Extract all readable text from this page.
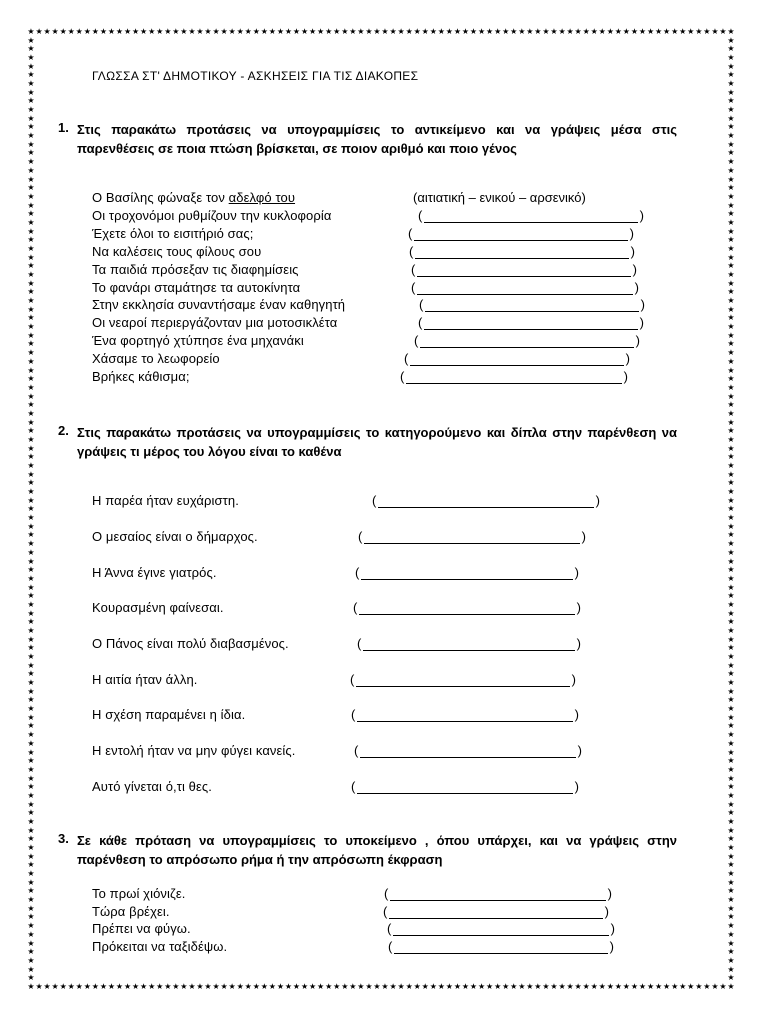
★
★
★
★
★
★
★
★
★
★
★
★
★
★
★
★
★
★
★
★
★
★
★
★
★
★
★
★
★
★
★
★
★
★
★
★
★
★
★
★
★
★
★
★
★
★
★
★
★
★
★
★
★
★
★
★
★
★
★
★
★
★
★
★
★
★
★
★
★
★
★
★
★
★
★
★
★
★
★
★
★
★
★
★
★
★
★
★
★
★
★
★
★
★
★
★
★
★
★
★
★
★
★
★
★
★
★
★
★
★
★
★
★
★
★
★
★
★
★
★
★
★
★
★
★
★
★
★
★
★
★
★
★
★
★
★
★
★
★
★
★
★
★
★
★
★
★
★
★
★
★
★
★
★
★
★
★
★
★
★
★
★
★
★
★
★
★
★
★
★
★
★
★
★
★
★
★	★
★	★
★	★
★	★
★	★
★	★
★	★
★	★
★	★
★	★
★	★
★	★
★	★
★	★
★	★
★	★
★	★
★	★
★	★
★	★
★	★
★	★
★	★
★	★
★	★
★	★
★	★
★	★
★	★
★	★
★	★
★	★
★	★
★	★
★	★
★	★
★	★
★	★
★	★
★	★
★	★
★	★
★	★
★	★
★	★
★	★
★	★
★	★
★	★
★	★
★	★
★	★
★	★
★	★
★	★
★	★
★	★
★	★
★	★
★	★
★	★
★	★
★	★
★	★
★	★
★	★
★	★
★	★
★	★
★	★
★	★
★	★
★	★
★	★
★	★
★	★
★	★
★	★
★	★
★	★
★	★
★	★
★	★
★	★
★	★
★	★
★	★
★	★
★	★
★	★
★	★
★	★
★	★
★	★
★	★
★	★
★	★
★	★
★	★
★	★
★	★
★	★
★	★
★	★
★	★
★	★
★	★
★	★
★	★
ΓΛΩΣΣΑ ΣΤ' ΔΗΜΟΤΙΚΟΥ - ΑΣΚΗΣΕΙΣ ΓΙΑ ΤΙΣ ΔΙΑΚΟΠΕΣ
1. Στις παρακάτω προτάσεις να υπογραμμίσεις το αντικείμενο και να γράψεις μέσα στις παρενθέσεις σε ποια πτώση βρίσκεται, σε ποιον αριθμό και ποιο γένος
Ο Βασίλης φώναξε τον αδελφό του	(αιτιατική – ενικού – αρσενικό)
Οι τροχονόμοι ρυθμίζουν την κυκλοφορία	(	)
Έχετε όλοι το εισιτήριό σας;	(	)
Να καλέσεις τους φίλους σου	(	)
Τα παιδιά πρόσεξαν τις διαφημίσεις	(	)
Το φανάρι σταμάτησε τα αυτοκίνητα	(	)
Στην εκκλησία συναντήσαμε έναν καθηγητή	(	)
Οι νεαροί περιεργάζονταν μια μοτοσικλέτα	(	)
Ένα φορτηγό χτύπησε ένα μηχανάκι	(	)
Χάσαμε το λεωφορείο	(	)
Βρήκες κάθισμα;	(	)
2. Στις παρακάτω προτάσεις να υπογραμμίσεις το κατηγορούμενο και δίπλα στην παρένθεση να γράψεις τι μέρος του λόγου είναι το καθένα
Η παρέα ήταν ευχάριστη.	(	)
Ο μεσαίος είναι ο δήμαρχος.	(	)
Η Άννα έγινε γιατρός.	(	)
Κουρασμένη φαίνεσαι.	(	)
Ο Πάνος είναι πολύ διαβασμένος.	(	)
Η αιτία ήταν άλλη.	(	)
Η σχέση παραμένει η ίδια.	(	)
Η εντολή ήταν να μην φύγει κανείς.	(	)
Αυτό γίνεται ό,τι θες.	(	)
3. Σε κάθε πρόταση να υπογραμμίσεις το υποκείμενο , όπου υπάρχει, και να γράψεις στην παρένθεση το απρόσωπο ρήμα ή την απρόσωπη έκφραση
Το πρωί χιόνιζε.	(	)
Τώρα βρέχει.	(	)
Πρέπει να φύγω.	(	)
Πρόκειται να ταξιδέψω.	(	)
